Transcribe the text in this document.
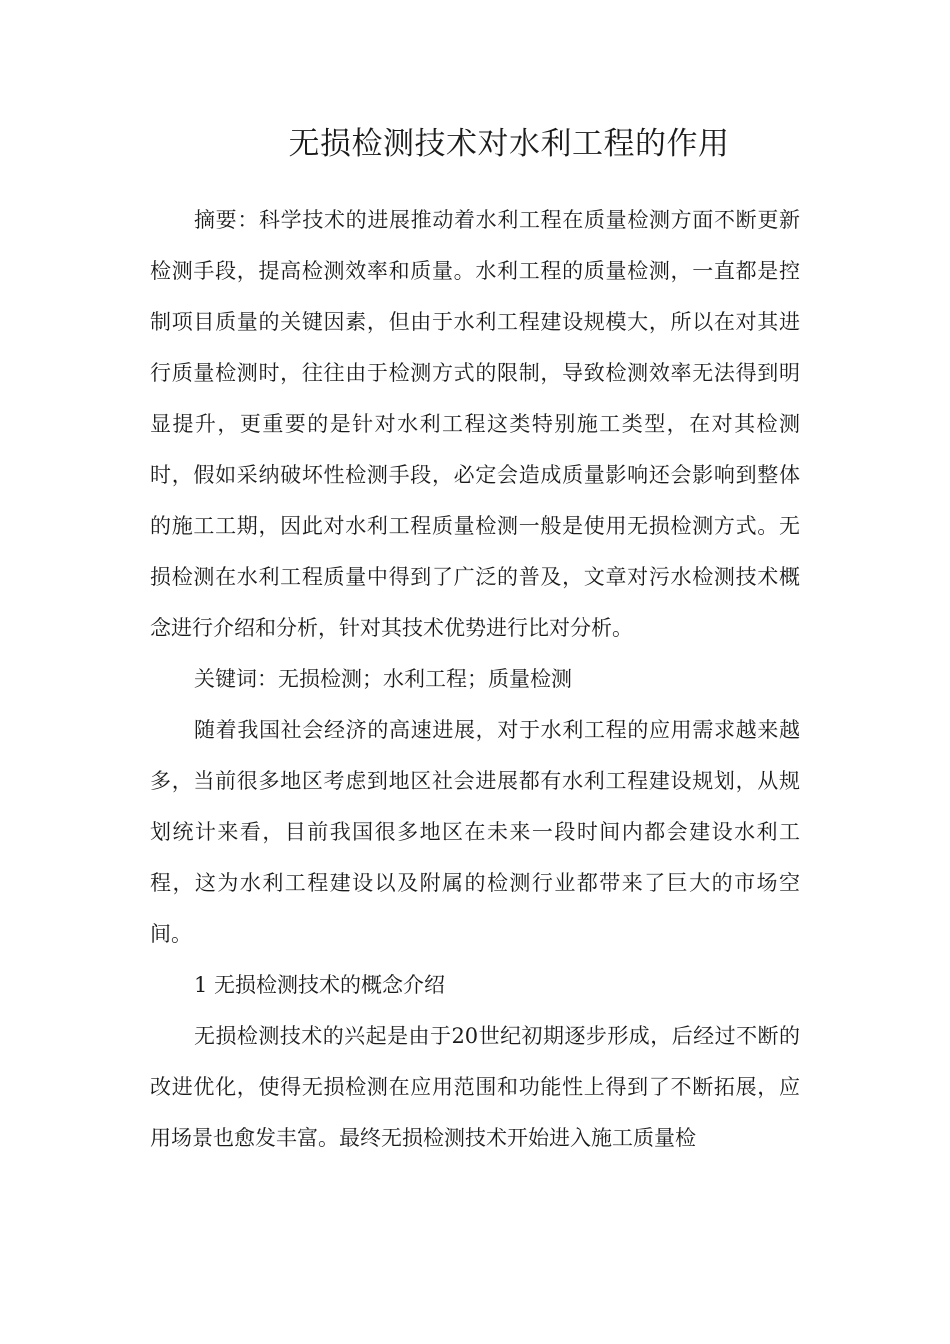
无损检测技术对水利工程的作用

摘要：科学技术的进展推动着水利工程在质量检测方面不断更新检测手段，提高检测效率和质量。水利工程的质量检测，一直都是控制项目质量的关键因素，但由于水利工程建设规模大，所以在对其进行质量检测时，往往由于检测方式的限制，导致检测效率无法得到明显提升，更重要的是针对水利工程这类特别施工类型，在对其检测时，假如采纳破坏性检测手段，必定会造成质量影响还会影响到整体的施工工期，因此对水利工程质量检测一般是使用无损检测方式。无损检测在水利工程质量中得到了广泛的普及，文章对污水检测技术概念进行介绍和分析，针对其技术优势进行比对分析。

关键词：无损检测；水利工程；质量检测

随着我国社会经济的高速进展，对于水利工程的应用需求越来越多，当前很多地区考虑到地区社会进展都有水利工程建设规划，从规划统计来看，目前我国很多地区在未来一段时间内都会建设水利工程，这为水利工程建设以及附属的检测行业都带来了巨大的市场空间。

1 无损检测技术的概念介绍

无损检测技术的兴起是由于20世纪初期逐步形成，后经过不断的改进优化，使得无损检测在应用范围和功能性上得到了不断拓展，应用场景也愈发丰富。最终无损检测技术开始进入施工质量检
